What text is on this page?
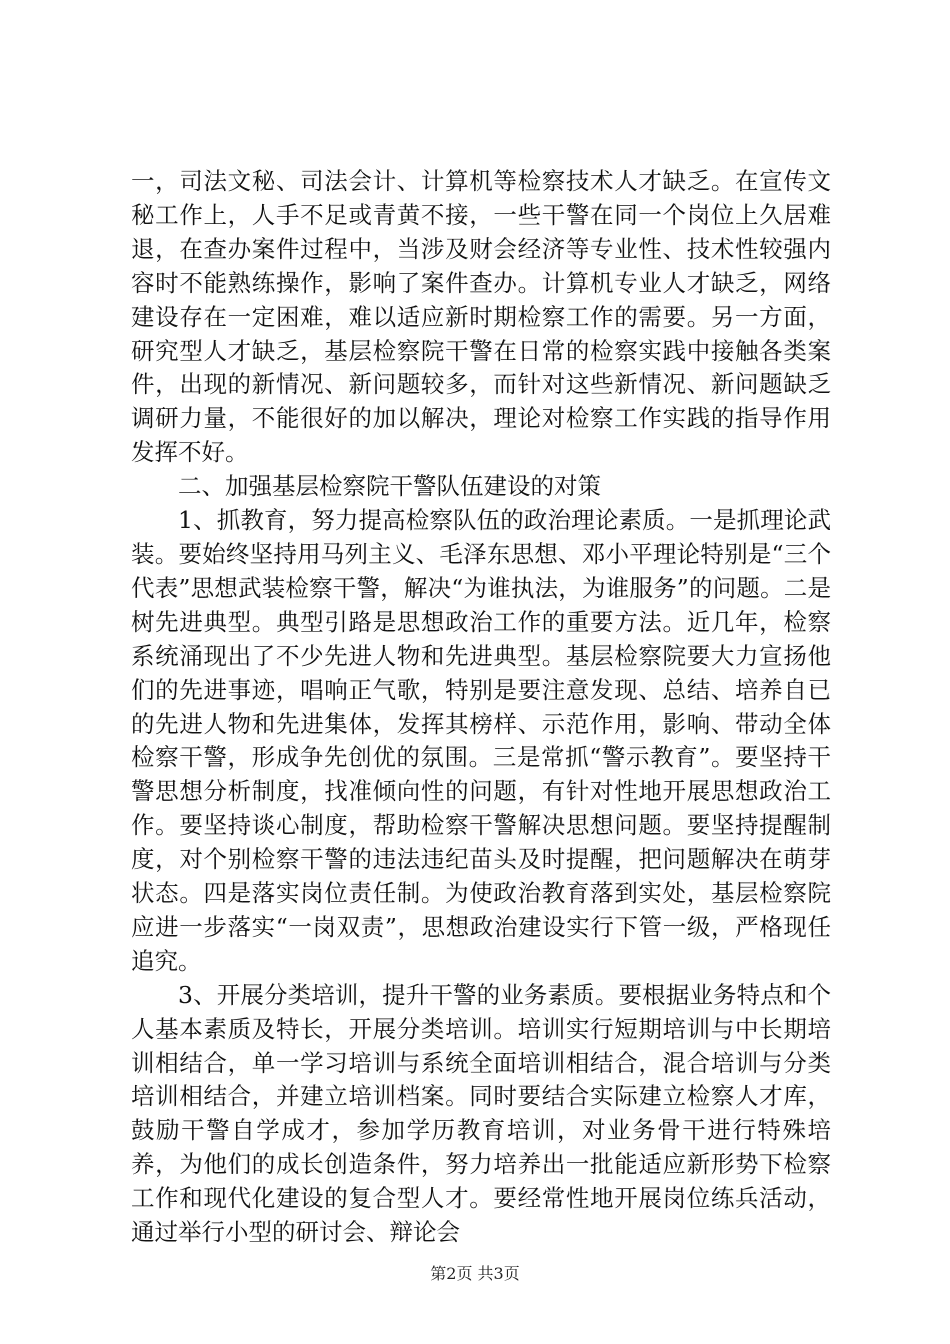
一，司法文秘、司法会计、计算机等检察技术人才缺乏。在宣传文秘工作上，人手不足或青黄不接，一些干警在同一个岗位上久居难退，在查办案件过程中，当涉及财会经济等专业性、技术性较强内容时不能熟练操作，影响了案件查办。计算机专业人才缺乏，网络建设存在一定困难，难以适应新时期检察工作的需要。另一方面，研究型人才缺乏，基层检察院干警在日常的检察实践中接触各类案件，出现的新情况、新问题较多，而针对这些新情况、新问题缺乏调研力量，不能很好的加以解决，理论对检察工作实践的指导作用发挥不好。

二、加强基层检察院干警队伍建设的对策

1、抓教育，努力提高检察队伍的政治理论素质。一是抓理论武装。要始终坚持用马列主义、毛泽东思想、邓小平理论特别是“三个代表”思想武装检察干警，解决“为谁执法，为谁服务”的问题。二是树先进典型。典型引路是思想政治工作的重要方法。近几年，检察系统涌现出了不少先进人物和先进典型。基层检察院要大力宣扬他们的先进事迹，唱响正气歌，特别是要注意发现、总结、培养自已的先进人物和先进集体，发挥其榜样、示范作用，影响、带动全体检察干警，形成争先创优的氛围。三是常抓“警示教育”。要坚持干警思想分析制度，找准倾向性的问题，有针对性地开展思想政治工作。要坚持谈心制度，帮助检察干警解决思想问题。要坚持提醒制度，对个别检察干警的违法违纪苗头及时提醒，把问题解决在萌芽状态。四是落实岗位责任制。为使政治教育落到实处，基层检察院应进一步落实“一岗双责”，思想政治建设实行下管一级，严格现任追究。

3、开展分类培训，提升干警的业务素质。要根据业务特点和个人基本素质及特长，开展分类培训。培训实行短期培训与中长期培训相结合，单一学习培训与系统全面培训相结合，混合培训与分类培训相结合，并建立培训档案。同时要结合实际建立检察人才库，鼓励干警自学成才，参加学历教育培训，对业务骨干进行特殊培养，为他们的成长创造条件，努力培养出一批能适应新形势下检察工作和现代化建设的复合型人才。要经常性地开展岗位练兵活动，通过举行小型的研讨会、辩论会

第2页 共3页
